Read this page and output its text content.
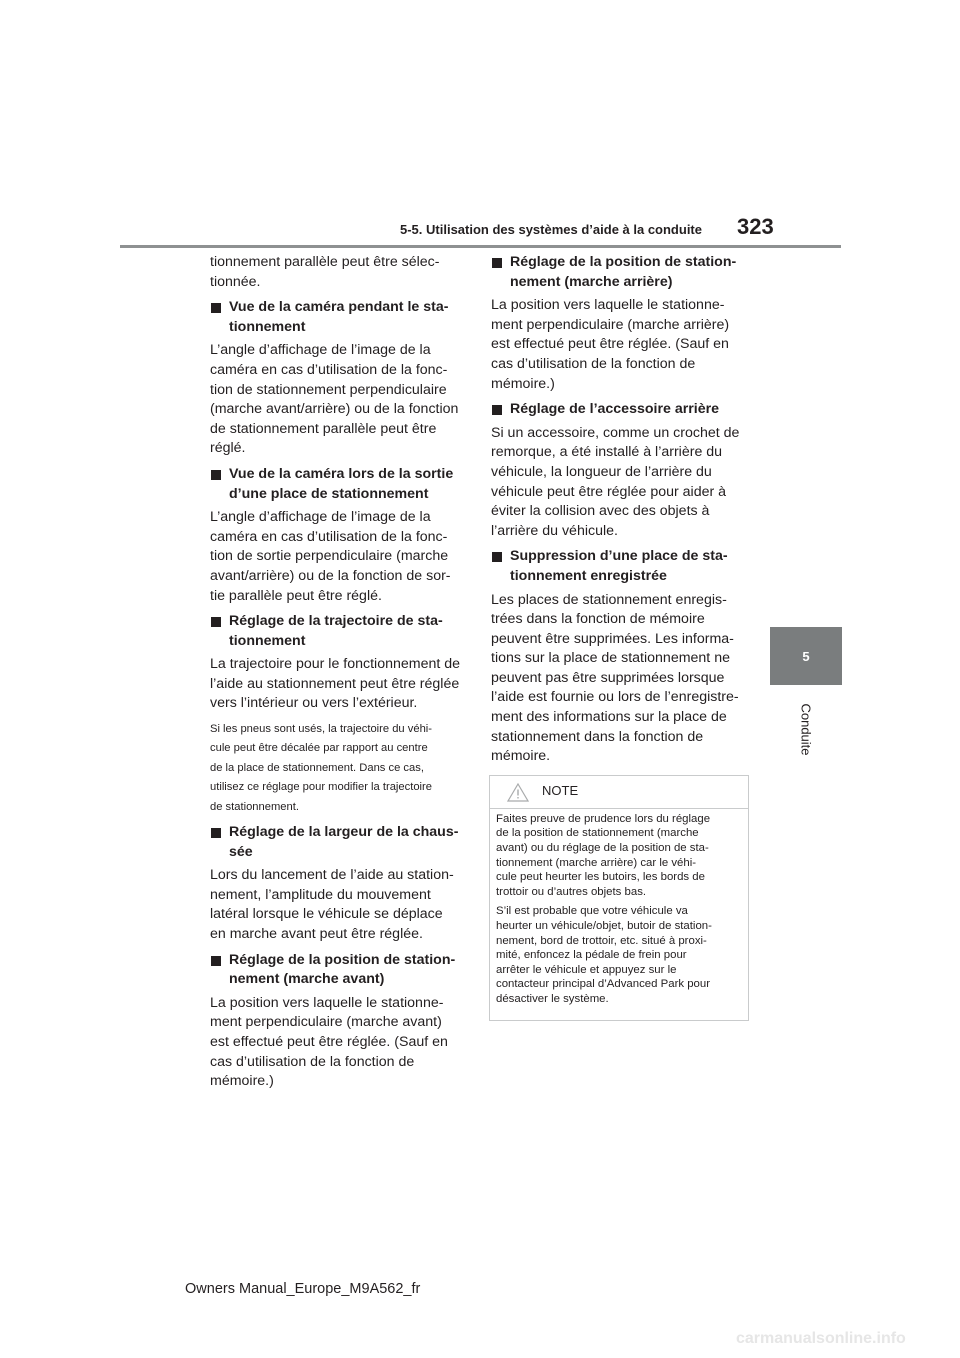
5-5. Utilisation des systèmes d’aide à la conduite 323
5
Conduite

tionnement parallèle peut être sélec-
tionnée.

Vue de la caméra pendant le sta-
tionnement

L’angle d’affichage de l’image de la
caméra en cas d’utilisation de la fonc-
tion de stationnement perpendiculaire
(marche avant/arrière) ou de la fonction
de stationnement parallèle peut être
réglé.

Vue de la caméra lors de la sortie
d’une place de stationnement

L’angle d’affichage de l’image de la
caméra en cas d’utilisation de la fonc-
tion de sortie perpendiculaire (marche
avant/arrière) ou de la fonction de sor-
tie parallèle peut être réglé.

Réglage de la trajectoire de sta-
tionnement

La trajectoire pour le fonctionnement de
l’aide au stationnement peut être réglée
vers l’intérieur ou vers l’extérieur.

Si les pneus sont usés, la trajectoire du véhi-
cule peut être décalée par rapport au centre
de la place de stationnement. Dans ce cas,
utilisez ce réglage pour modifier la trajectoire
de stationnement.

Réglage de la largeur de la chaus-
sée

Lors du lancement de l’aide au station-
nement, l’amplitude du mouvement
latéral lorsque le véhicule se déplace
en marche avant peut être réglée.

Réglage de la position de station-
nement (marche avant)

La position vers laquelle le stationne-
ment perpendiculaire (marche avant)
est effectué peut être réglée. (Sauf en
cas d’utilisation de la fonction de
mémoire.)

Réglage de la position de station-
nement (marche arrière)

La position vers laquelle le stationne-
ment perpendiculaire (marche arrière)
est effectué peut être réglée. (Sauf en
cas d’utilisation de la fonction de
mémoire.)

Réglage de l’accessoire arrière

Si un accessoire, comme un crochet de
remorque, a été installé à l’arrière du
véhicule, la longueur de l’arrière du
véhicule peut être réglée pour aider à
éviter la collision avec des objets à
l’arrière du véhicule.

Suppression d’une place de sta-
tionnement enregistrée

Les places de stationnement enregis-
trées dans la fonction de mémoire
peuvent être supprimées. Les informa-
tions sur la place de stationnement ne
peuvent pas être supprimées lorsque
l’aide est fournie ou lors de l’enregistre-
ment des informations sur la place de
stationnement dans la fonction de
mémoire.

NOTE

Faites preuve de prudence lors du réglage
de la position de stationnement (marche
avant) ou du réglage de la position de sta-
tionnement (marche arrière) car le véhi-
cule peut heurter les butoirs, les bords de
trottoir ou d’autres objets bas.

S’il est probable que votre véhicule va
heurter un véhicule/objet, butoir de station-
nement, bord de trottoir, etc. situé à proxi-
mité, enfoncez la pédale de frein pour
arrêter le véhicule et appuyez sur le
contacteur principal d’Advanced Park pour
désactiver le système.

Owners Manual_Europe_M9A562_fr
carmanualsonline.info
